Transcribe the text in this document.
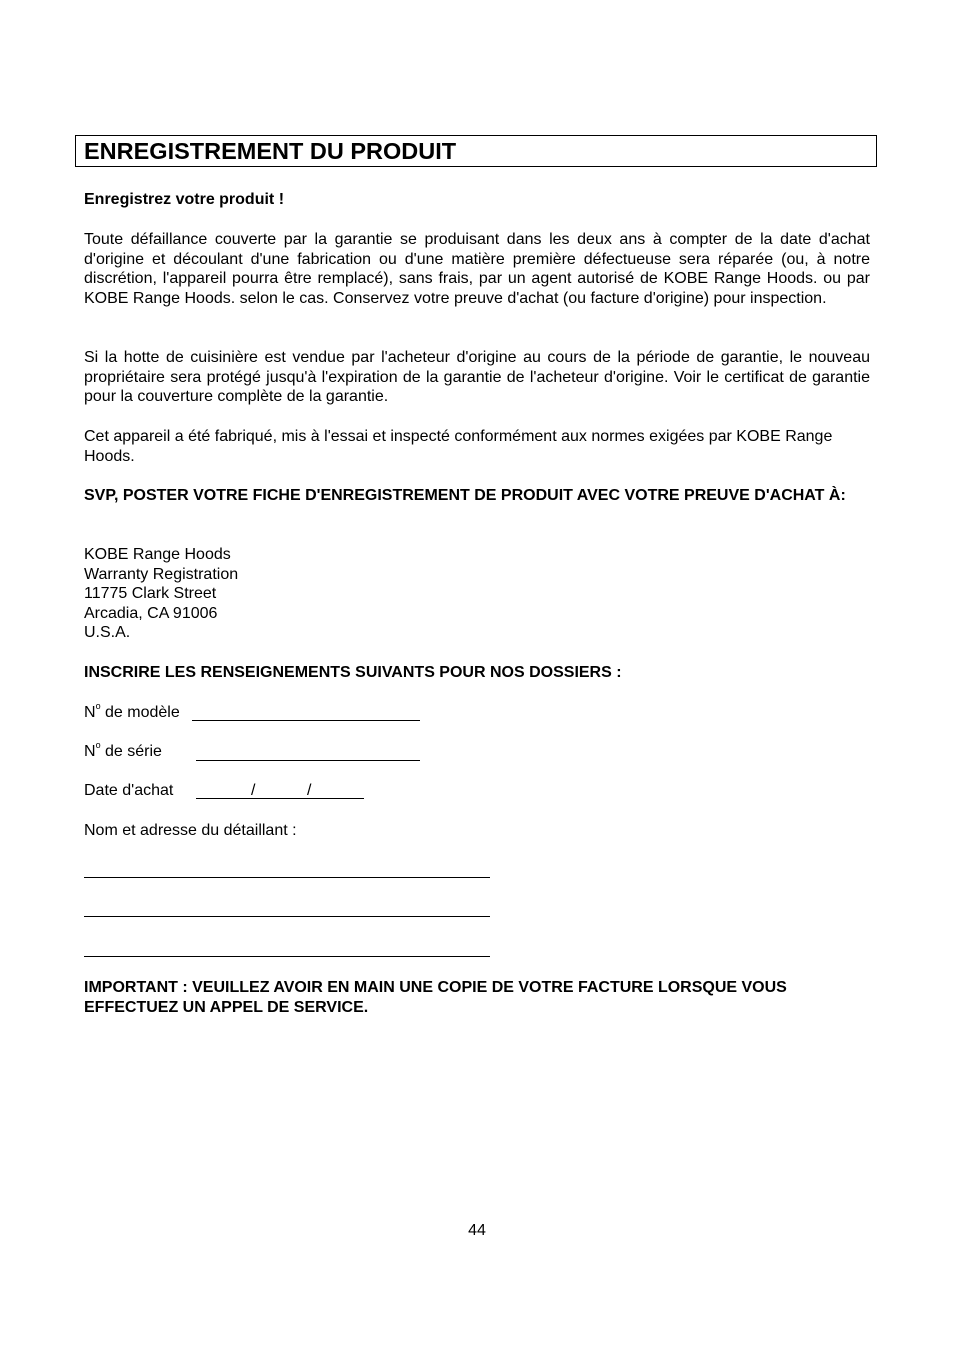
ENREGISTREMENT DU PRODUIT

Enregistrez votre produit !

Toute défaillance couverte par la garantie se produisant dans les deux ans à compter de la date d'achat d'origine et découlant d'une fabrication ou d'une matière première défectueuse sera réparée (ou, à notre discrétion, l'appareil pourra être remplacé), sans frais, par un agent autorisé de KOBE Range Hoods. ou par KOBE Range Hoods. selon le cas. Conservez votre preuve d'achat (ou facture d'origine) pour inspection.

Si la hotte de cuisinière est vendue par l'acheteur d'origine au cours de la période de garantie, le nouveau propriétaire sera protégé jusqu'à l'expiration de la garantie de l'acheteur d'origine. Voir le certificat de garantie pour la couverture complète de la garantie.

Cet appareil a été fabriqué, mis à l'essai et inspecté conformément aux normes exigées par KOBE Range Hoods.

SVP, POSTER VOTRE FICHE D'ENREGISTREMENT DE PRODUIT AVEC VOTRE PREUVE D'ACHAT À:

KOBE Range Hoods
Warranty Registration
11775 Clark Street
Arcadia, CA 91006
U.S.A.

INSCRIRE LES RENSEIGNEMENTS SUIVANTS POUR NOS DOSSIERS :

$N^o$ de modèle
$N^o$ de série
Date d'achat	/	/
Nom et adresse du détaillant :

IMPORTANT : VEUILLEZ AVOIR EN MAIN UNE COPIE DE VOTRE FACTURE LORSQUE VOUS EFFECTUEZ UN APPEL DE SERVICE.

44
